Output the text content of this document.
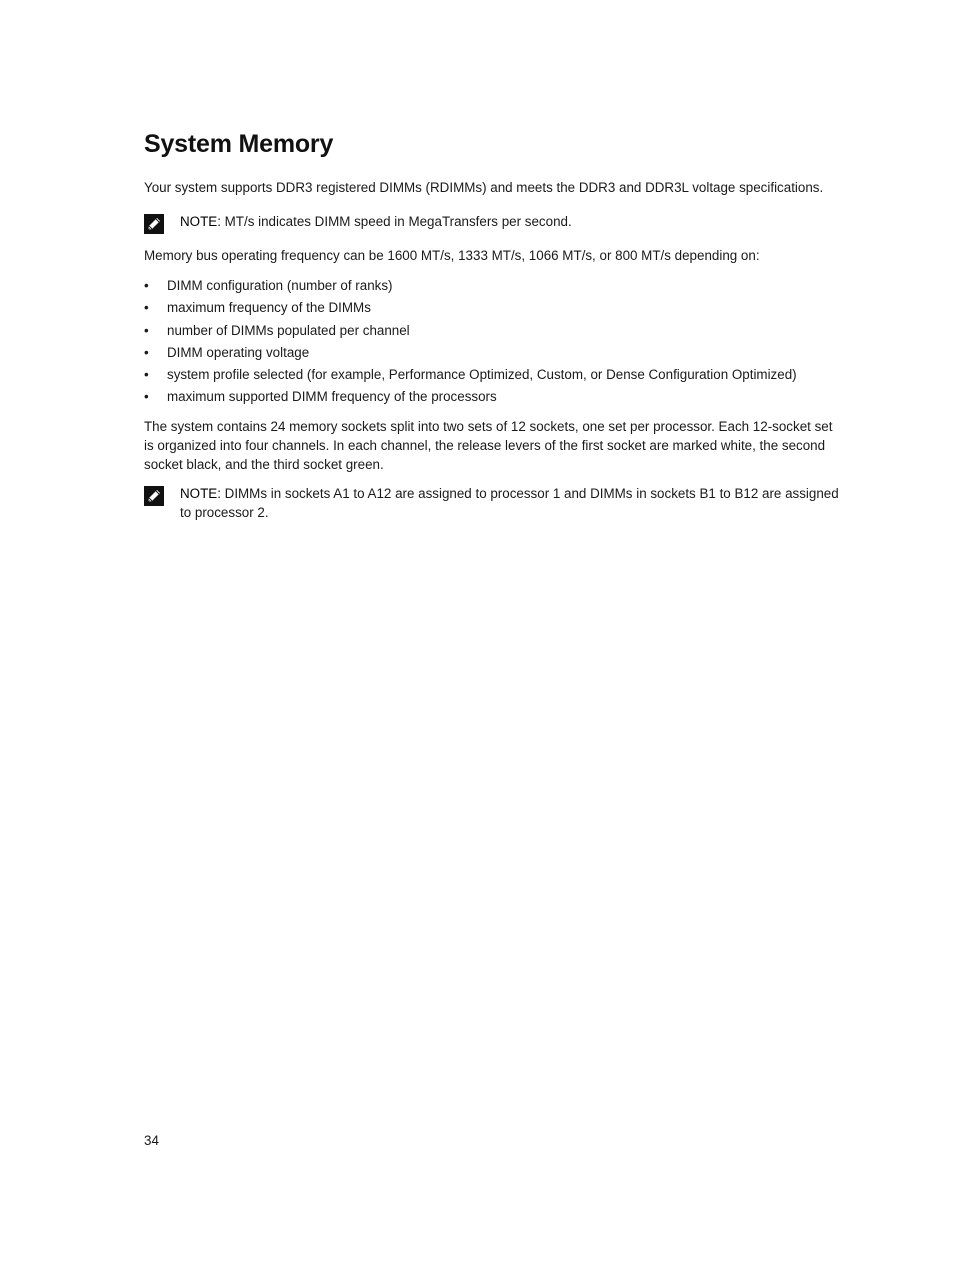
System Memory

Your system supports DDR3 registered DIMMs (RDIMMs) and meets the DDR3 and DDR3L voltage specifications.

NOTE: MT/s indicates DIMM speed in MegaTransfers per second.

Memory bus operating frequency can be 1600 MT/s, 1333 MT/s, 1066 MT/s, or 800 MT/s depending on:

• DIMM configuration (number of ranks)
• maximum frequency of the DIMMs
• number of DIMMs populated per channel
• DIMM operating voltage
• system profile selected (for example, Performance Optimized, Custom, or Dense Configuration Optimized)
• maximum supported DIMM frequency of the processors

The system contains 24 memory sockets split into two sets of 12 sockets, one set per processor. Each 12-socket set is organized into four channels. In each channel, the release levers of the first socket are marked white, the second socket black, and the third socket green.

NOTE: DIMMs in sockets A1 to A12 are assigned to processor 1 and DIMMs in sockets B1 to B12 are assigned to processor 2.
34
